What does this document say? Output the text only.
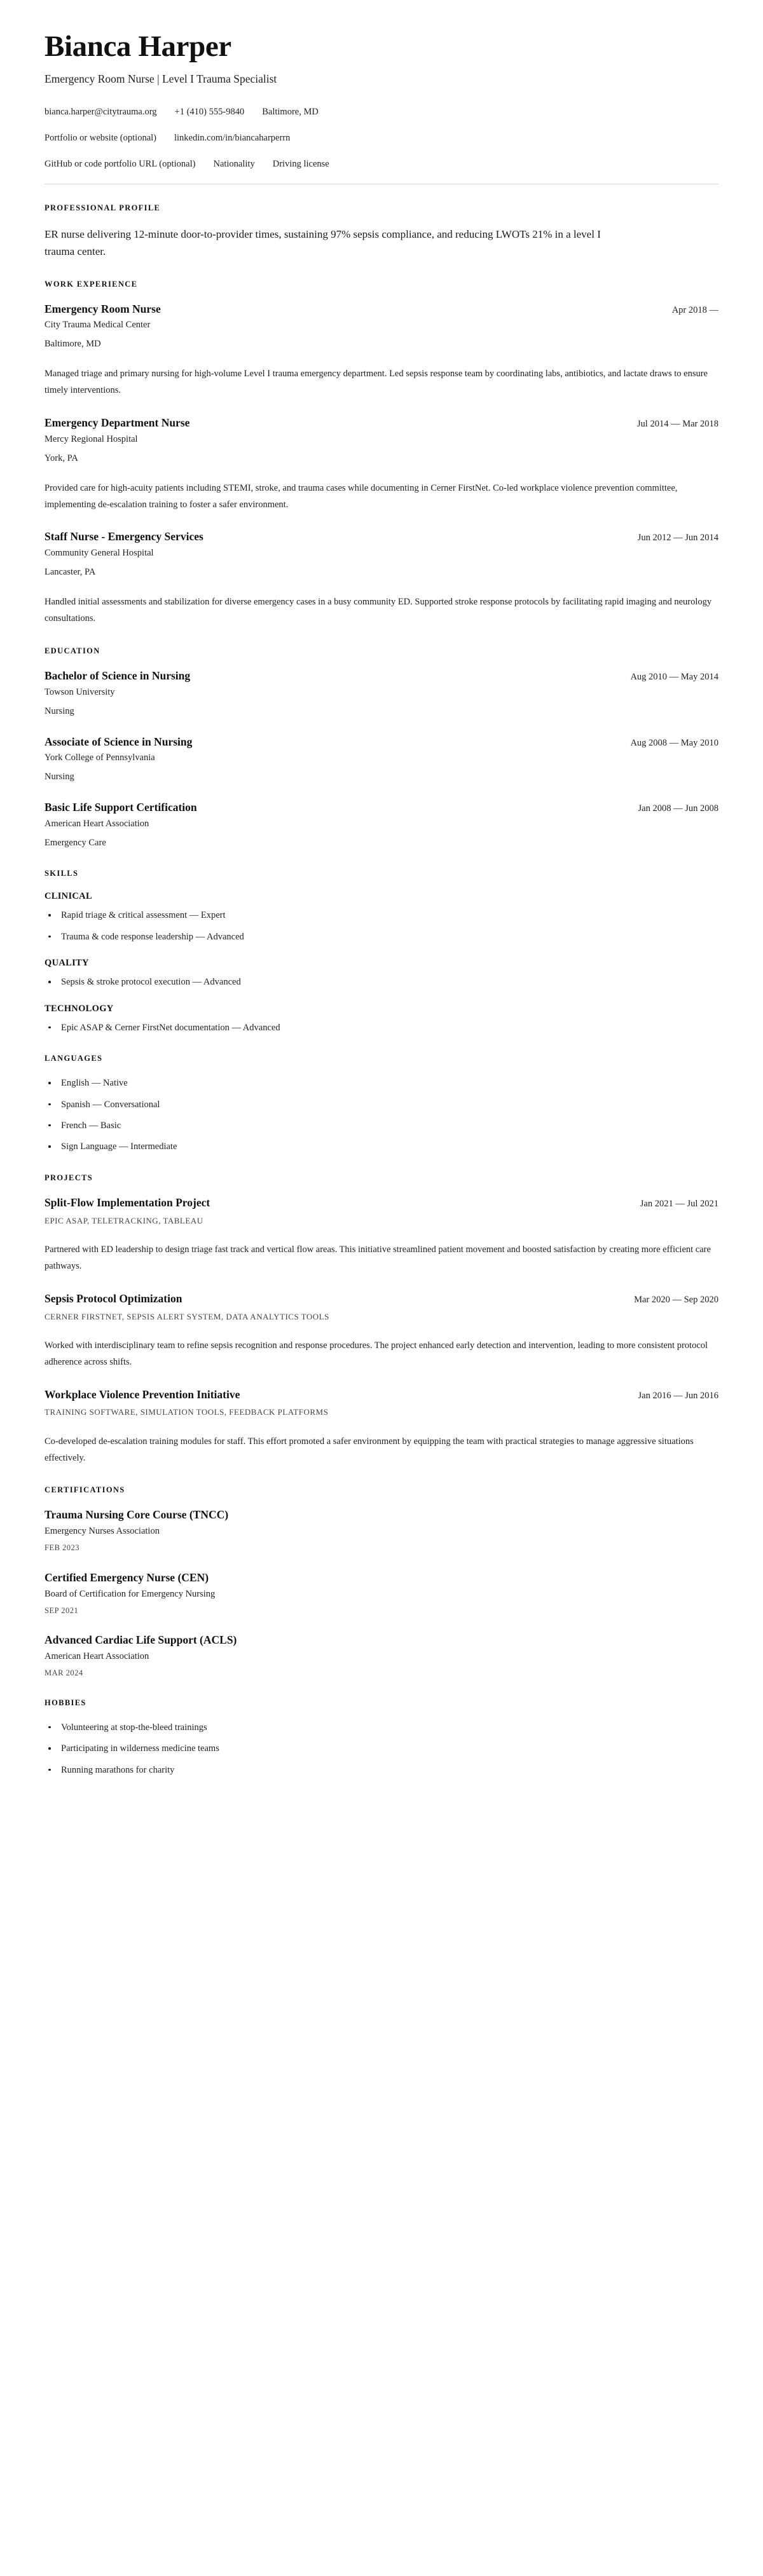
Bianca Harper
Emergency Room Nurse | Level I Trauma Specialist
bianca.harper@citytrauma.org +1 (410) 555-9840 Baltimore, MD
Portfolio or website (optional) linkedin.com/in/biancaharperrn
GitHub or code portfolio URL (optional) Nationality Driving license
PROFESSIONAL PROFILE

ER nurse delivering 12-minute door-to-provider times, sustaining 97% sepsis compliance, and reducing LWOTs 21% in a level I trauma center.

WORK EXPERIENCE
Emergency Room Nurse	Apr 2018 —
City Trauma Medical Center
Baltimore, MD

Managed triage and primary nursing for high-volume Level I trauma emergency department. Led sepsis response team by coordinating labs, antibiotics, and lactate draws to ensure timely interventions.

Emergency Department Nurse	Jul 2014 — Mar 2018
Mercy Regional Hospital
York, PA

Provided care for high-acuity patients including STEMI, stroke, and trauma cases while documenting in Cerner FirstNet. Co-led workplace violence prevention committee, implementing de-escalation training to foster a safer environment.

Staff Nurse - Emergency Services	Jun 2012 — Jun 2014
Community General Hospital
Lancaster, PA

Handled initial assessments and stabilization for diverse emergency cases in a busy community ED. Supported stroke response protocols by facilitating rapid imaging and neurology consultations.

EDUCATION
Bachelor of Science in Nursing	Aug 2010 — May 2014
Towson University
Nursing
Associate of Science in Nursing	Aug 2008 — May 2010
York College of Pennsylvania
Nursing
Basic Life Support Certification	Jan 2008 — Jun 2008
American Heart Association
Emergency Care
SKILLS
CLINICAL
Rapid triage & critical assessment — Expert
Trauma & code response leadership — Advanced
QUALITY
Sepsis & stroke protocol execution — Advanced
TECHNOLOGY
Epic ASAP & Cerner FirstNet documentation — Advanced
LANGUAGES
English — Native
Spanish — Conversational
French — Basic
Sign Language — Intermediate
PROJECTS
Split-Flow Implementation Project	Jan 2021 — Jul 2021
EPIC ASAP, TELETRACKING, TABLEAU

Partnered with ED leadership to design triage fast track and vertical flow areas. This initiative streamlined patient movement and boosted satisfaction by creating more efficient care pathways.

Sepsis Protocol Optimization	Mar 2020 — Sep 2020
CERNER FIRSTNET, SEPSIS ALERT SYSTEM, DATA ANALYTICS TOOLS

Worked with interdisciplinary team to refine sepsis recognition and response procedures. The project enhanced early detection and intervention, leading to more consistent protocol adherence across shifts.

Workplace Violence Prevention Initiative	Jan 2016 — Jun 2016
TRAINING SOFTWARE, SIMULATION TOOLS, FEEDBACK PLATFORMS

Co-developed de-escalation training modules for staff. This effort promoted a safer environment by equipping the team with practical strategies to manage aggressive situations effectively.

CERTIFICATIONS
Trauma Nursing Core Course (TNCC)
Emergency Nurses Association
FEB 2023
Certified Emergency Nurse (CEN)
Board of Certification for Emergency Nursing
SEP 2021
Advanced Cardiac Life Support (ACLS)
American Heart Association
MAR 2024
HOBBIES
Volunteering at stop-the-bleed trainings
Participating in wilderness medicine teams
Running marathons for charity
